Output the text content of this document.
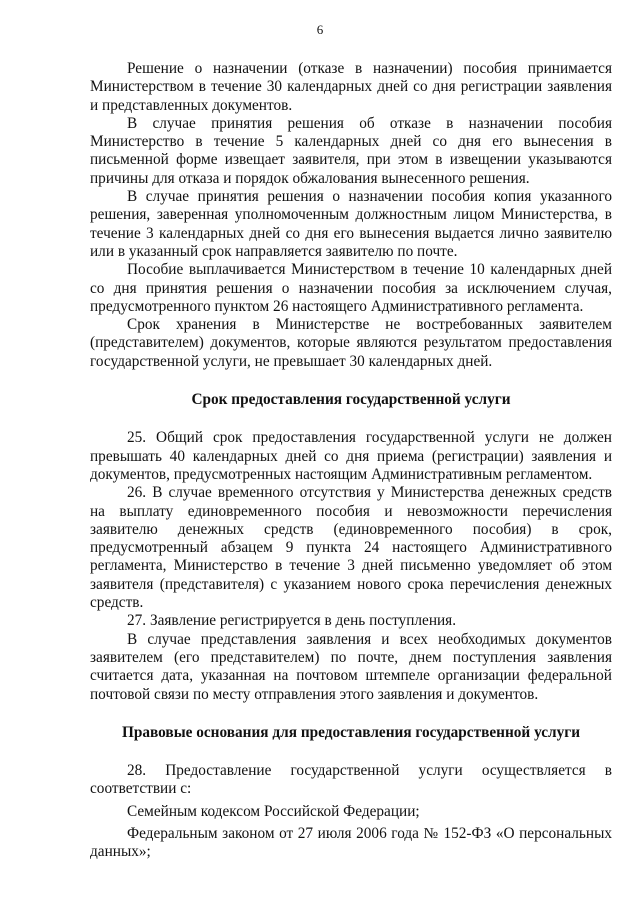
6

Решение о назначении (отказе в назначении) пособия принимается Министерством в течение 30 календарных дней со дня регистрации заявления и представленных документов.

В случае принятия решения об отказе в назначении пособия Министерство в течение 5 календарных дней со дня его вынесения в письменной форме извещает заявителя, при этом в извещении указываются причины для отказа и порядок обжалования вынесенного решения.

В случае принятия решения о назначении пособия копия указанного решения, заверенная уполномоченным должностным лицом Министерства, в течение 3 календарных дней со дня его вынесения выдается лично заявителю или в указанный срок направляется заявителю по почте.

Пособие выплачивается Министерством в течение 10 календарных дней со дня принятия решения о назначении пособия за исключением случая, предусмотренного пунктом 26 настоящего Административного регламента.

Срок хранения в Министерстве не востребованных заявителем (представителем) документов, которые являются результатом предоставления государственной услуги, не превышает 30 календарных дней.

Срок предоставления государственной услуги

25. Общий срок предоставления государственной услуги не должен превышать 40 календарных дней со дня приема (регистрации) заявления и документов, предусмотренных настоящим Административным регламентом.

26. В случае временного отсутствия у Министерства денежных средств на выплату единовременного пособия и невозможности перечисления заявителю денежных средств (единовременного пособия) в срок, предусмотренный абзацем 9 пункта 24 настоящего Административного регламента, Министерство в течение 3 дней письменно уведомляет об этом заявителя (представителя) с указанием нового срока перечисления денежных средств.

27. Заявление регистрируется в день поступления.

В случае представления заявления и всех необходимых документов заявителем (его представителем) по почте, днем поступления заявления считается дата, указанная на почтовом штемпеле организации федеральной почтовой связи по месту отправления этого заявления и документов.

Правовые основания для предоставления государственной услуги

28. Предоставление государственной услуги осуществляется в соответствии с:

Семейным кодексом Российской Федерации;

Федеральным законом от 27 июля 2006 года № 152-ФЗ «О персональных данных»;
